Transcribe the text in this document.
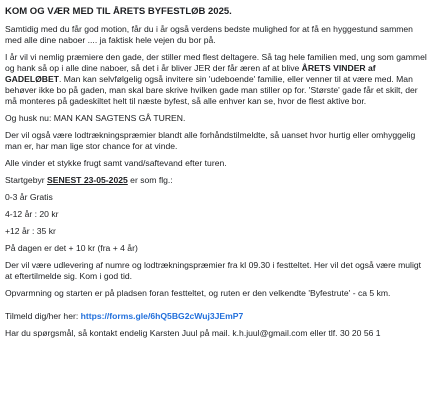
KOM OG VÆR MED TIL ÅRETS BYFESTLØB 2025.
Samtidig med du får god motion, får du i år også verdens bedste mulighed for at få en hyggestund sammen med alle dine naboer .... ja faktisk hele vejen du bor på.
I år vil vi nemlig præmiere den gade, der stiller med flest deltagere. Så tag hele familien med, ung som gammel og hank så op i alle dine naboer, så det i år bliver JER der får æren af at blive ÅRETS VINDER af GADELØBET. Man kan selvfølgelig også invitere sin 'udeboende' familie, eller venner til at være med. Man behøver ikke bo på gaden, man skal bare skrive hvilken gade man stiller op for. 'Største' gade får et skilt, der må monteres på gadeskiltet helt til næste byfest, så alle enhver kan se, hvor de flest aktive bor.
Og husk nu: MAN KAN SAGTENS GÅ TUREN.
Der vil også være lodtrækningspræmier blandt alle forhåndstilmeldte, så uanset hvor hurtig eller omhyggelig man er, har man lige stor chance for at vinde.
Alle vinder et stykke frugt samt vand/saftevand efter turen.
Startgebyr SENEST 23-05-2025 er som flg.:
0-3 år Gratis
4-12 år : 20 kr
+12 år : 35 kr
På dagen er det + 10 kr (fra + 4 år)
Der vil være udlevering af numre og lodtrækningspræmier fra kl 09.30 i festteltet. Her vil det også være muligt at eftertilmelde sig. Kom i god tid.
Opvarmning og starten er på pladsen foran festteltet, og ruten er den velkendte 'Byfestrute' - ca 5 km.
Tilmeld dig/her her: https://forms.gle/6hQ5BG2cWuj3JEmP7
Har du spørgsmål, så kontakt endelig Karsten Juul på mail. k.h.juul@gmail.com eller tlf. 30 20 56 1
